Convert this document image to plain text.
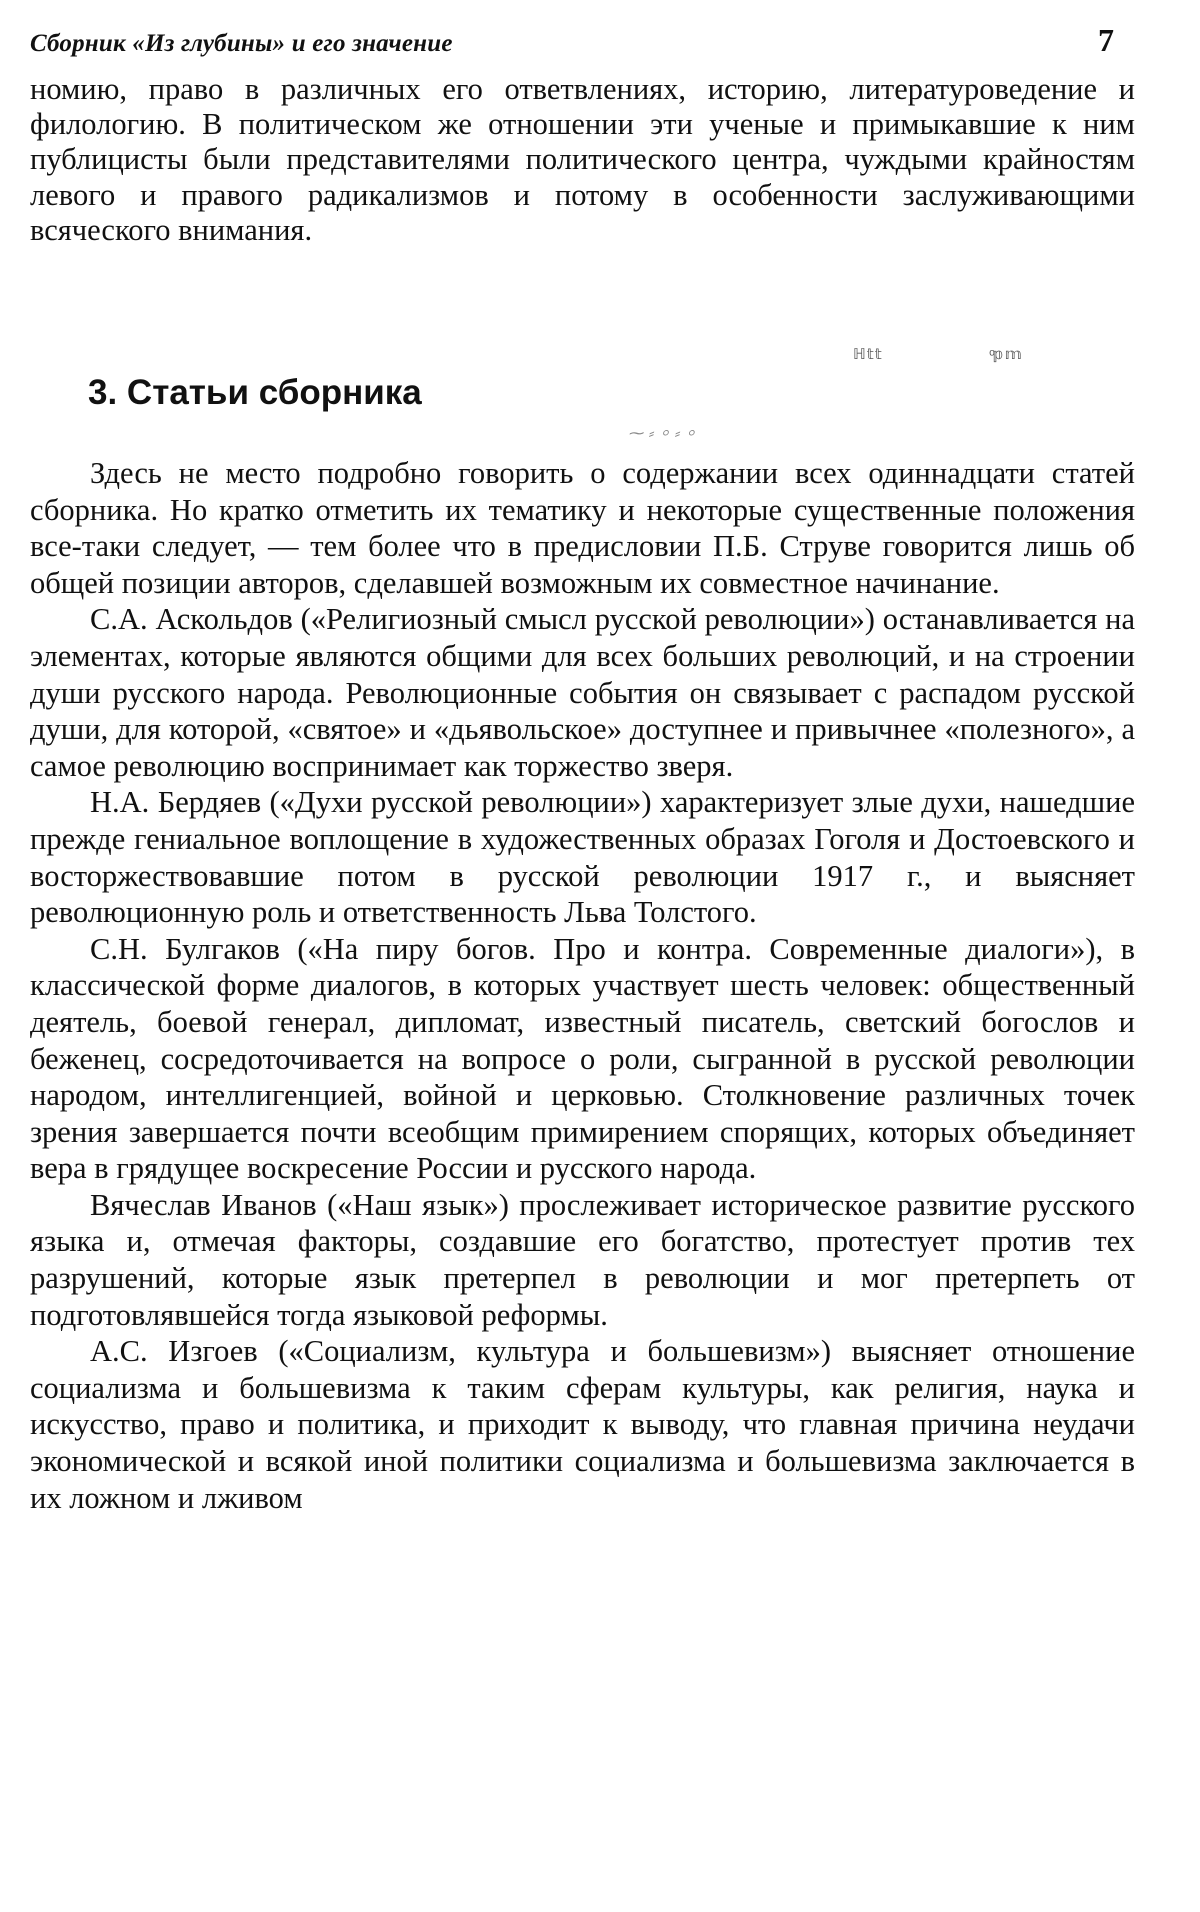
Сборник «Из глубины» и его значение	7

номию, право в различных его ответвлениях, историю, литературоведение и филологию. В политическом же отношении эти ученые и примыкавшие к ним публицисты были представителями политического центра, чуждыми крайностям левого и правого радикализмов и потому в особенности заслуживающими всяческого внимания.

ℍ𝕥𝕥	ͦ𝕡𝕞
⁓ ⸗ ⸰ ⸗ ⸰
3. Статьи сборника

Здесь не место подробно говорить о содержании всех одиннадцати статей сборника. Но кратко отметить их тематику и некоторые существенные положения все-таки следует, — тем более что в предисловии П.Б. Струве говорится лишь об общей позиции авторов, сделавшей возможным их совместное начинание.

С.А. Аскольдов («Религиозный смысл русской революции») останавливается на элементах, которые являются общими для всех больших революций, и на строении души русского народа. Революционные события он связывает с распадом русской души, для которой, «святое» и «дьявольское» доступнее и привычнее «полезного», а самое революцию воспринимает как торжество зверя.

Н.А. Бердяев («Духи русской революции») характеризует злые духи, нашедшие прежде гениальное воплощение в художественных образах Гоголя и Достоевского и восторжествовавшие потом в русской революции 1917 г., и выясняет революционную роль и ответственность Льва Толстого.

С.Н. Булгаков («На пиру богов. Про и контра. Современные диалоги»), в классической форме диалогов, в которых участвует шесть человек: общественный деятель, боевой генерал, дипломат, известный писатель, светский богослов и беженец, сосредоточивается на вопросе о роли, сыгранной в русской революции народом, интеллигенцией, войной и церковью. Столкновение различных точек зрения завершается почти всеобщим примирением спорящих, которых объединяет вера в грядущее воскресение России и русского народа.

Вячеслав Иванов («Наш язык») прослеживает историческое развитие русского языка и, отмечая факторы, создавшие его богатство, протестует против тех разрушений, которые язык претерпел в революции и мог претерпеть от подготовлявшейся тогда языковой реформы.

А.С. Изгоев («Социализм, культура и большевизм») выясняет отношение социализма и большевизма к таким сферам культуры, как религия, наука и искусство, право и политика, и приходит к выводу, что главная причина неудачи экономической и всякой иной политики социализма и большевизма заключается в их ложном и лживом
